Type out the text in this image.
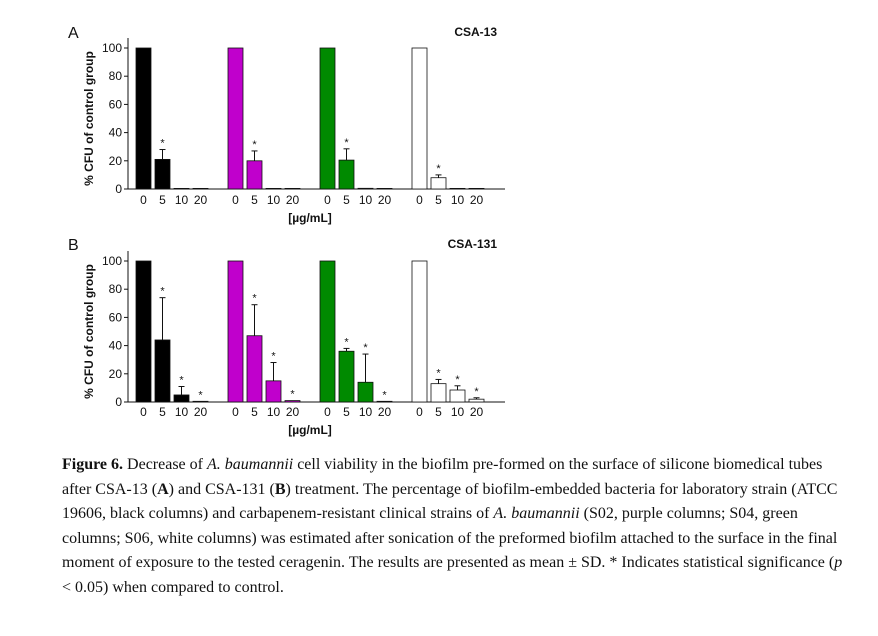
A	CSA-13
% CFU of control group
0
20
40
60
80
100
0
*
5 10 20 0
*
5 10 20 0
*
5 10 20 0
*
5 10 20
[µg/mL]
B	CSA-131
% CFU of control group
0
20
40
60
80
100
0
*
5
*
10
*
20 0
*
5
*
10
*
20 0
*
5
*
10
*
20 0
*
5
*
10
*
20
[µg/mL]
Figure 6. Decrease of A. baumannii cell viability in the biofilm pre-formed on the surface of silicone biomedical tubes after CSA-13 (A) and CSA-131 (B) treatment. The percentage of biofilm-embedded bacteria for laboratory strain (ATCC 19606, black columns) and carbapenem-resistant clinical strains of A. baumannii (S02, purple columns; S04, green columns; S06, white columns) was estimated after sonication of the preformed biofilm attached to the surface in the final moment of exposure to the tested ceragenin. The results are presented as mean ± SD. * Indicates statistical significance (p < 0.05) when compared to control.
